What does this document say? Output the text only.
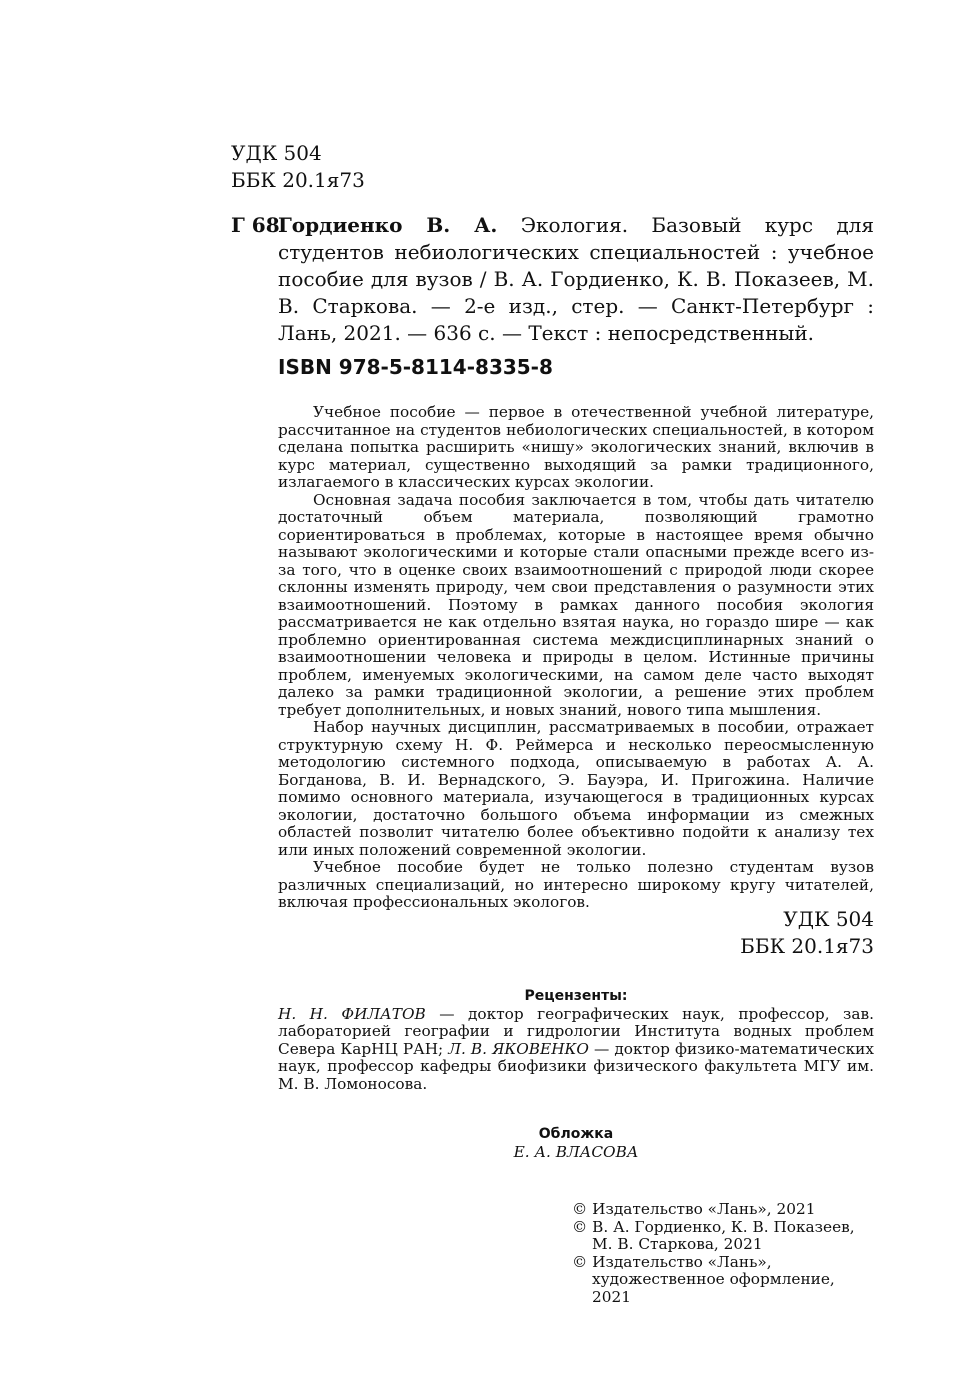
УДК 504
ББК 20.1я73
Г 68
Гордиенко В. А. Экология. Базовый курс для студентов небиологических специальностей : учебное пособие для вузов / В. А. Гордиенко, К. В. Показеев, М. В. Старкова. — 2-е изд., стер. — Санкт-Петербург : Лань, 2021. — 636 с. — Текст : непосредственный.
ISBN 978-5-8114-8335-8

Учебное пособие — первое в отечественной учебной литературе, рассчитанное на студентов небиологических специальностей, в котором сделана попытка расширить «нишу» экологических знаний, включив в курс материал, существенно выходящий за рамки традиционного, излагаемого в классических курсах экологии.

Основная задача пособия заключается в том, чтобы дать читателю достаточный объем материала, позволяющий грамотно сориентироваться в проблемах, которые в настоящее время обычно называют экологическими и которые стали опасными прежде всего из-за того, что в оценке своих взаимоотношений с природой люди скорее склонны изменять природу, чем свои представления о разумности этих взаимоотношений. Поэтому в рамках данного пособия экология рассматривается не как отдельно взятая наука, но гораздо шире — как проблемно ориентированная система междисциплинарных знаний о взаимоотношении человека и природы в целом. Истинные причины проблем, именуемых экологическими, на самом деле часто выходят далеко за рамки традиционной экологии, а решение этих проблем требует дополнительных, и новых знаний, нового типа мышления.

Набор научных дисциплин, рассматриваемых в пособии, отражает структурную схему Н. Ф. Реймерса и несколько переосмысленную методологию системного подхода, описываемую в работах А. А. Богданова, В. И. Вернадского, Э. Бауэра, И. Пригожина. Наличие помимо основного материала, изучающегося в традиционных курсах экологии, достаточно большого объема информации из смежных областей позволит читателю более объективно подойти к анализу тех или иных положений современной экологии.

Учебное пособие будет не только полезно студентам вузов различных специализаций, но интересно широкому кругу читателей, включая профессиональных экологов.

УДК 504
ББК 20.1я73
Рецензенты:
Н. Н. ФИЛАТОВ — доктор географических наук, профессор, зав. лабораторией географии и гидрологии Института водных проблем Севера КарНЦ РАН; Л. В. ЯКОВЕНКО — доктор физико-математических наук, профессор кафедры биофизики физического факультета МГУ им. М. В. Ломоносова.
Обложка
Е. А. ВЛАСОВА
© Издательство «Лань», 2021
© В. А. Гордиенко, К. В. Показеев, М. В. Старкова, 2021
© Издательство «Лань», художественное оформление, 2021
